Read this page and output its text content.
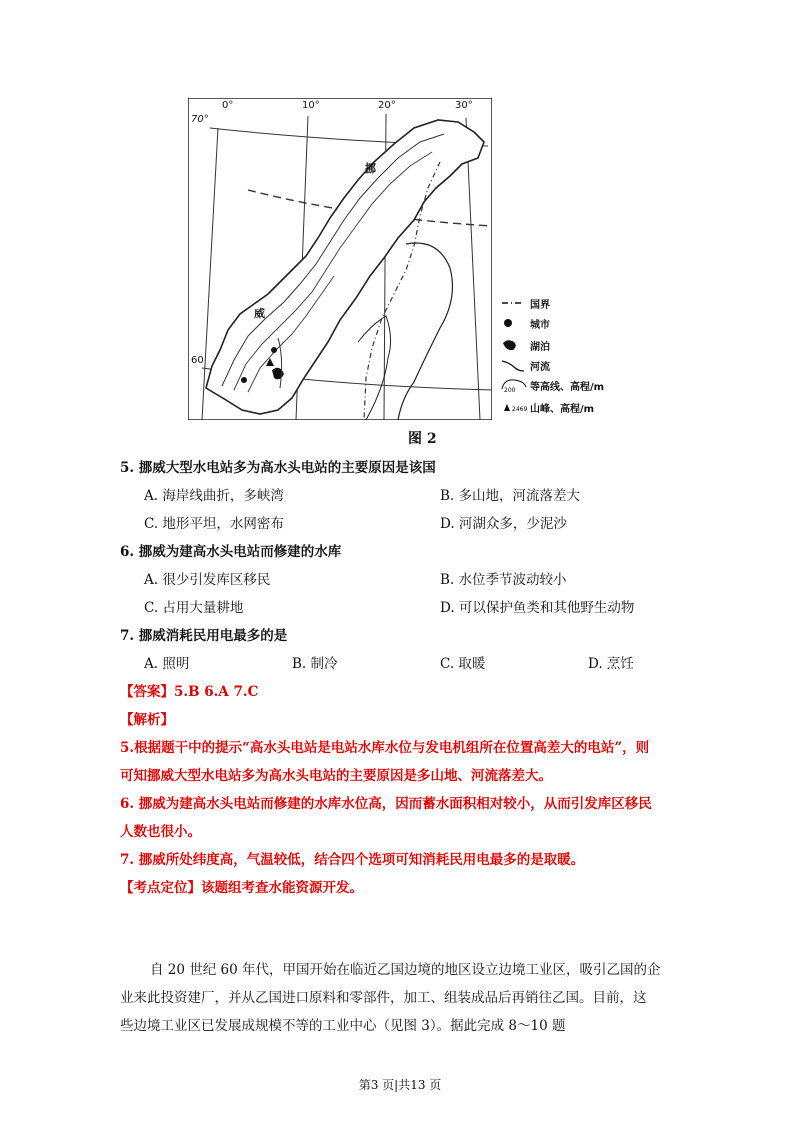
0°	10°	20°	30°
70°
60
挪
威
国界
城市
湖泊
河流
200 等高线、高程/m
2469 山峰、高程/m
图 2
5. 挪威大型水电站多为高水头电站的主要原因是该国
A. 海岸线曲折，多峡湾	B. 多山地，河流落差大
C. 地形平坦，水网密布	D. 河湖众多，少泥沙
6. 挪威为建高水头电站而修建的水库
A. 很少引发库区移民	B. 水位季节波动较小
C. 占用大量耕地	D. 可以保护鱼类和其他野生动物
7. 挪威消耗民用电最多的是
A. 照明	B. 制冷	C. 取暖	D. 烹饪
【答案】5.B 6.A 7.C
【解析】
5.根据题干中的提示“高水头电站是电站水库水位与发电机组所在位置高差大的电站”，则
可知挪威大型水电站多为高水头电站的主要原因是多山地、河流落差大。
6. 挪威为建高水头电站而修建的水库水位高，因而蓄水面积相对较小，从而引发库区移民
人数也很小。
7. 挪威所处纬度高，气温较低，结合四个选项可知消耗民用电最多的是取暖。
【考点定位】该题组考查水能资源开发。
自 20 世纪 60 年代，甲国开始在临近乙国边境的地区设立边境工业区，吸引乙国的企
业来此投资建厂，并从乙国进口原料和零部件，加工、组装成品后再销往乙国。目前，这
些边境工业区已发展成规模不等的工业中心（见图 3）。据此完成 8～10 题
第3 页|共13 页
